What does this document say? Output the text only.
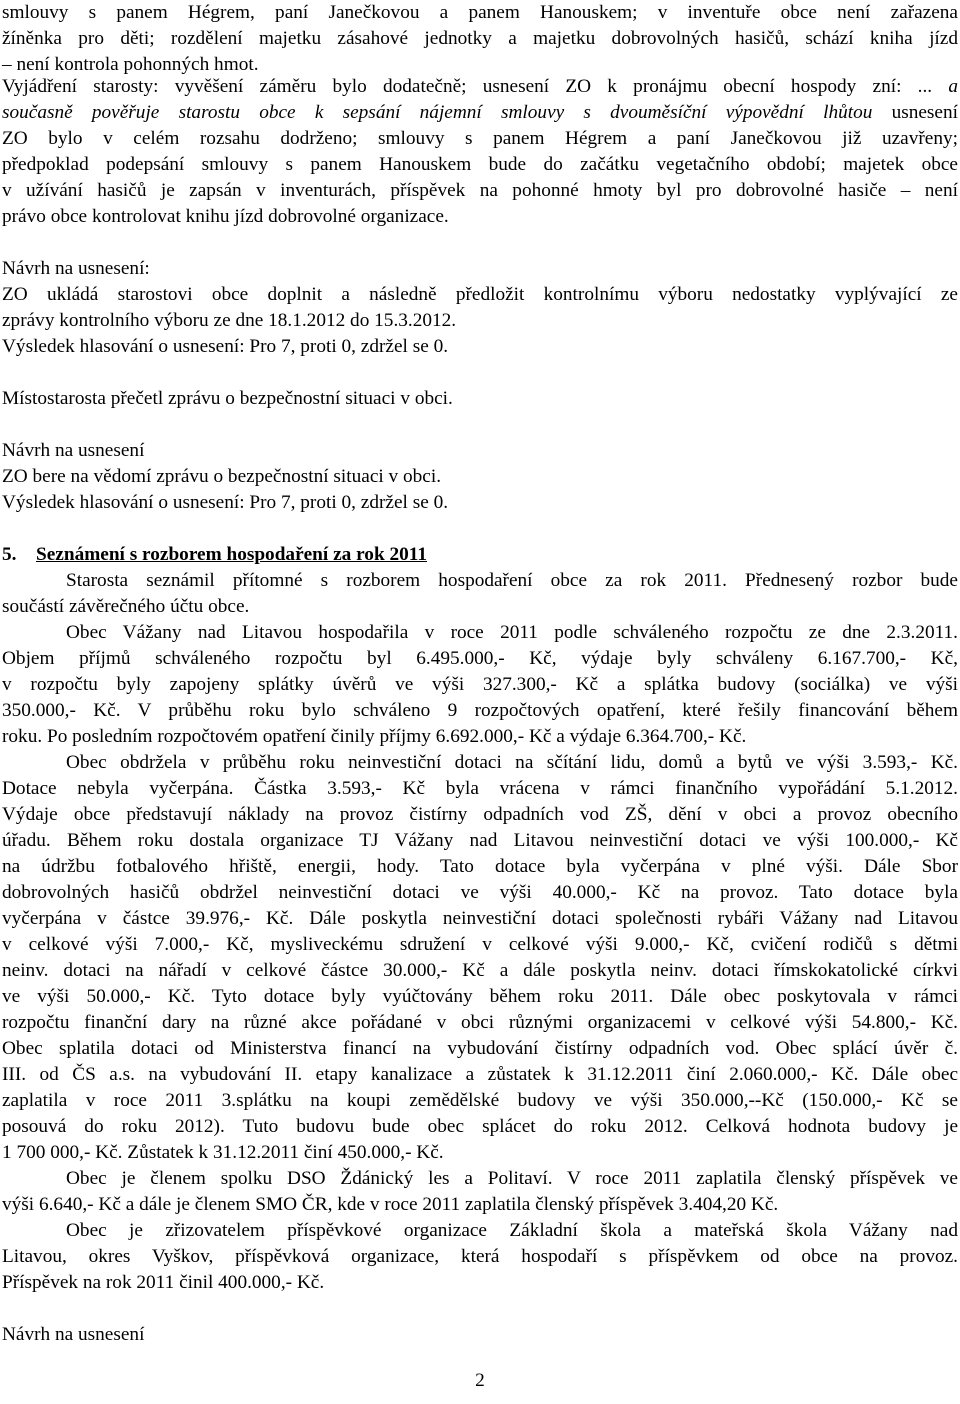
smlouvy s panem Hégrem, paní Janečkovou a panem Hanouskem; v inventuře obce není zařazena
žíněnka pro děti; rozdělení majetku zásahové jednotky a majetku dobrovolných hasičů, schází kniha jízd
– není kontrola pohonných hmot.
Vyjádření starosty: vyvěšení záměru bylo dodatečně; usnesení ZO k pronájmu obecní hospody zní: ... a
současně pověřuje starostu obce k sepsání nájemní smlouvy s dvouměsíční výpovědní lhůtou usnesení
ZO bylo v celém rozsahu dodrženo; smlouvy s panem Hégrem a paní Janečkovou již uzavřeny;
předpoklad podepsání smlouvy s panem Hanouskem bude do začátku vegetačního období; majetek obce
v užívání hasičů je zapsán v inventurách, příspěvek na pohonné hmoty byl pro dobrovolné hasiče – není
právo obce kontrolovat knihu jízd dobrovolné organizace.
Návrh na usnesení:
ZO ukládá starostovi obce doplnit a následně předložit kontrolnímu výboru nedostatky vyplývající ze
zprávy kontrolního výboru ze dne 18.1.2012 do 15.3.2012.
Výsledek hlasování o usnesení: Pro 7, proti 0, zdržel se 0.
Místostarosta přečetl zprávu o bezpečnostní situaci v obci.
Návrh na usnesení
ZO bere na vědomí zprávu o bezpečnostní situaci v obci.
Výsledek hlasování o usnesení: Pro 7, proti 0, zdržel se 0.
5. Seznámení s rozborem hospodaření za rok 2011
Starosta seznámil přítomné s rozborem hospodaření obce za rok 2011. Přednesený rozbor bude
součástí závěrečného účtu obce.
Obec Vážany nad Litavou hospodařila v roce 2011 podle schváleného rozpočtu ze dne 2.3.2011.
Objem příjmů schváleného rozpočtu byl 6.495.000,- Kč, výdaje byly schváleny 6.167.700,- Kč,
v rozpočtu byly zapojeny splátky úvěrů ve výši 327.300,- Kč a splátka budovy (sociálka) ve výši
350.000,- Kč. V průběhu roku bylo schváleno 9 rozpočtových opatření, které řešily financování během
roku. Po posledním rozpočtovém opatření činily příjmy 6.692.000,- Kč a výdaje 6.364.700,- Kč.
Obec obdržela v průběhu roku neinvestiční dotaci na sčítání lidu, domů a bytů ve výši 3.593,- Kč.
Dotace nebyla vyčerpána. Částka 3.593,- Kč byla vrácena v rámci finančního vypořádání 5.1.2012.
Výdaje obce představují náklady na provoz čistírny odpadních vod ZŠ, dění v obci a provoz obecního
úřadu. Během roku dostala organizace TJ Vážany nad Litavou neinvestiční dotaci ve výši 100.000,- Kč
na údržbu fotbalového hřiště, energii, hody. Tato dotace byla vyčerpána v plné výši. Dále Sbor
dobrovolných hasičů obdržel neinvestiční dotaci ve výši 40.000,- Kč na provoz. Tato dotace byla
vyčerpána v částce 39.976,- Kč. Dále poskytla neinvestiční dotaci společnosti rybáři Vážany nad Litavou
v celkové výši 7.000,- Kč, mysliveckému sdružení v celkové výši 9.000,- Kč, cvičení rodičů s dětmi
neinv. dotaci na nářadí v celkové částce 30.000,- Kč a dále poskytla neinv. dotaci římskokatolické církvi
ve výši 50.000,- Kč. Tyto dotace byly vyúčtovány během roku 2011. Dále obec poskytovala v rámci
rozpočtu finanční dary na různé akce pořádané v obci různými organizacemi v celkové výši 54.800,- Kč.
Obec splatila dotaci od Ministerstva financí na vybudování čistírny odpadních vod. Obec splácí úvěr č.
III. od ČS a.s. na vybudování II. etapy kanalizace a zůstatek k 31.12.2011 činí 2.060.000,- Kč. Dále obec
zaplatila v roce 2011 3.splátku na koupi zemědělské budovy ve výši 350.000,--Kč (150.000,- Kč se
posouvá do roku 2012). Tuto budovu bude obec splácet do roku 2012. Celková hodnota budovy je
1 700 000,- Kč. Zůstatek k 31.12.2011 činí 450.000,- Kč.
Obec je členem spolku DSO Ždánický les a Politaví. V roce 2011 zaplatila členský příspěvek ve
výši 6.640,- Kč a dále je členem SMO ČR, kde v roce 2011 zaplatila členský příspěvek 3.404,20 Kč.
Obec je zřizovatelem příspěvkové organizace Základní škola a mateřská škola Vážany nad
Litavou, okres Vyškov, příspěvková organizace, která hospodaří s příspěvkem od obce na provoz.
Příspěvek na rok 2011 činil 400.000,- Kč.
Návrh na usnesení
2
